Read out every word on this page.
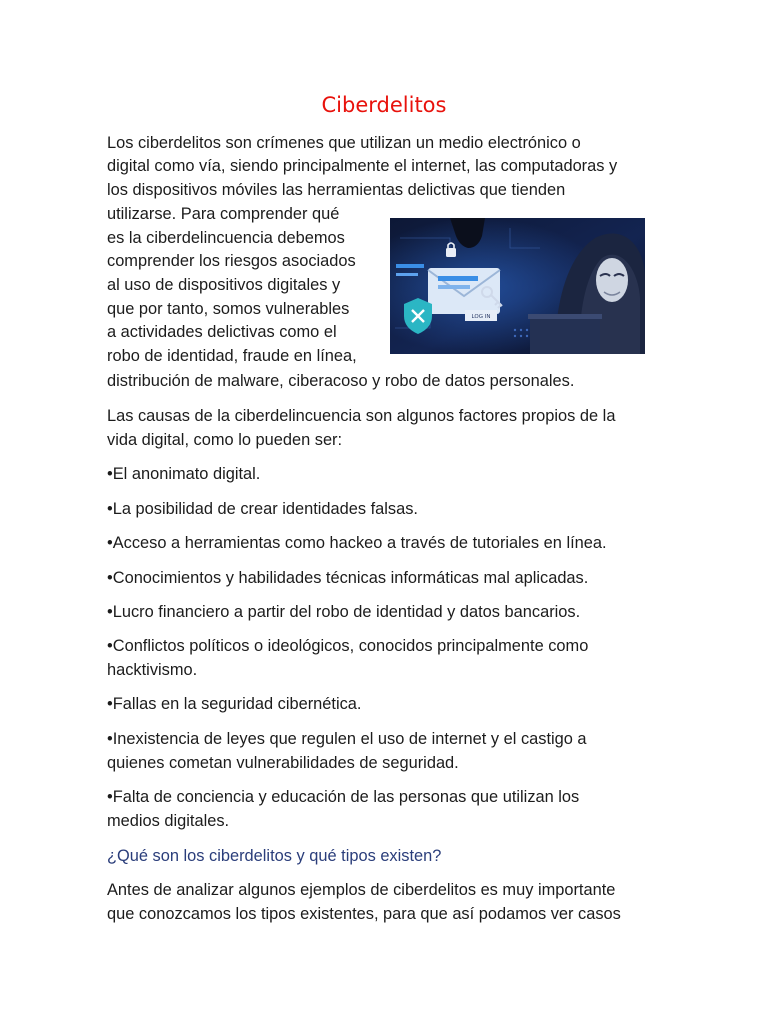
Ciberdelitos
Los ciberdelitos son crímenes que utilizan un medio electrónico o
digital como vía, siendo principalmente el internet, las computadoras y
los dispositivos móviles las herramientas delictivas que tienden
utilizarse. Para comprender qué
es la ciberdelincuencia debemos
comprender los riesgos asociados
al uso de dispositivos digitales y
que por tanto, somos vulnerables
a actividades delictivas como el
robo de identidad, fraude en línea,
distribución de malware, ciberacoso y robo de datos personales.
LOG IN
Las causas de la ciberdelincuencia son algunos factores propios de la
vida digital, como lo pueden ser:
•El anonimato digital.
•La posibilidad de crear identidades falsas.
•Acceso a herramientas como hackeo a través de tutoriales en línea.
•Conocimientos y habilidades técnicas informáticas mal aplicadas.
•Lucro financiero a partir del robo de identidad y datos bancarios.
•Conflictos políticos o ideológicos, conocidos principalmente como
hacktivismo.
•Fallas en la seguridad cibernética.
•Inexistencia de leyes que regulen el uso de internet y el castigo a
quienes cometan vulnerabilidades de seguridad.
•Falta de conciencia y educación de las personas que utilizan los
medios digitales.
¿Qué son los ciberdelitos y qué tipos existen?
Antes de analizar algunos ejemplos de ciberdelitos es muy importante
que conozcamos los tipos existentes, para que así podamos ver casos
